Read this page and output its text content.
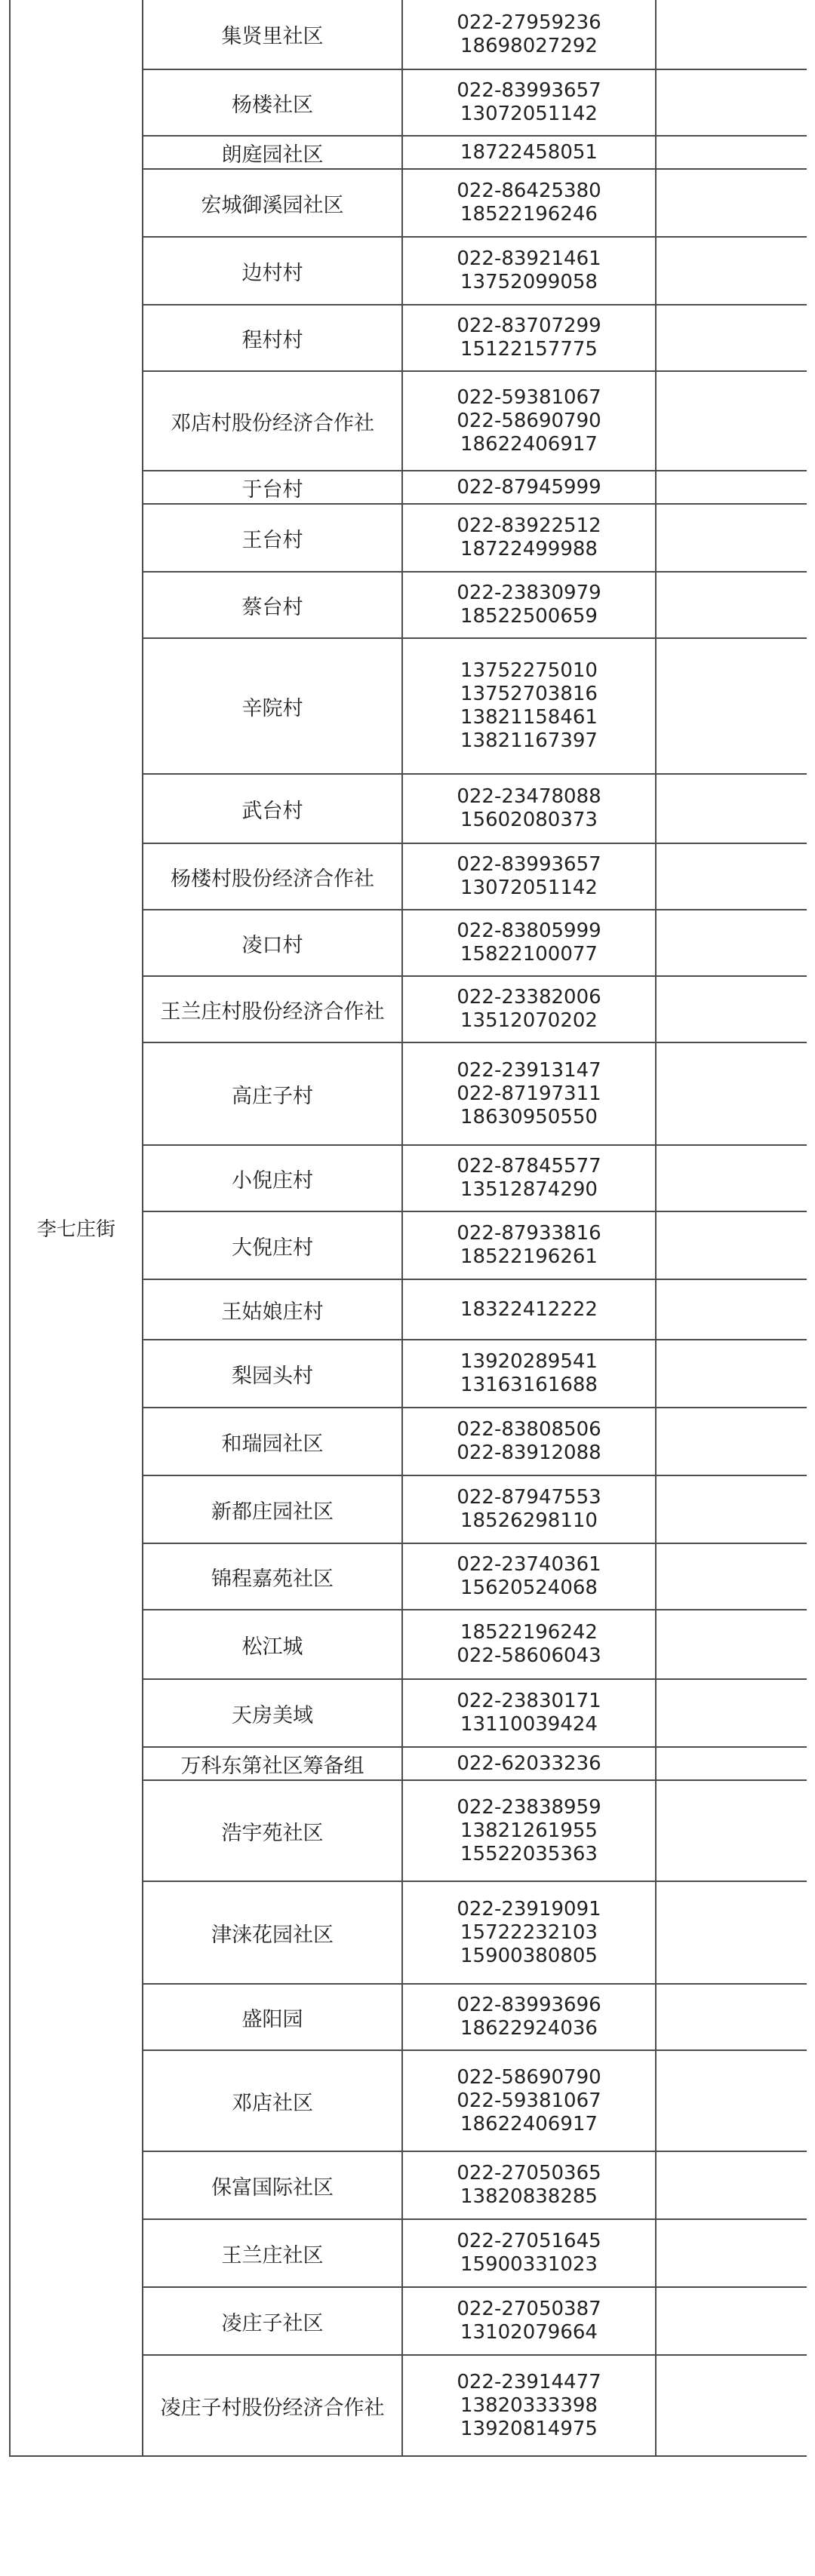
李七庄街	集贤里社区	022-27959236
18698027292	

	杨楼社区	022-83993657
13072051142	

	朗庭园社区	18722458051	

	宏城御溪园社区	022-86425380
18522196246	

	边村村	022-83921461
13752099058	

	程村村	022-83707299
15122157775	

	邓店村股份经济合作社	022-59381067
022-58690790
18622406917	

	于台村	022-87945999	

	王台村	022-83922512
18722499988	

	蔡台村	022-23830979
18522500659	

	辛院村	13752275010
13752703816
13821158461
13821167397	

	武台村	022-23478088
15602080373	

	杨楼村股份经济合作社	022-83993657
13072051142	

	凌口村	022-83805999
15822100077	

	王兰庄村股份经济合作社	022-23382006
13512070202	

	高庄子村	022-23913147
022-87197311
18630950550	

	小倪庄村	022-87845577
13512874290	

	大倪庄村	022-87933816
18522196261	

	王姑娘庄村	18322412222	

	梨园头村	13920289541
13163161688	

	和瑞园社区	022-83808506
022-83912088	

	新都庄园社区	022-87947553
18526298110	

	锦程嘉苑社区	022-23740361
15620524068	

	松江城	18522196242
022-58606043	

	天房美域	022-23830171
13110039424	

	万科东第社区筹备组	022-62033236	

	浩宇苑社区	022-23838959
13821261955
15522035363	

	津涞花园社区	022-23919091
15722232103
15900380805	

	盛阳园	022-83993696
18622924036	

	邓店社区	022-58690790
022-59381067
18622406917	

	保富国际社区	022-27050365
13820838285	

	王兰庄社区	022-27051645
15900331023	

	凌庄子社区	022-27050387
13102079664	

	凌庄子村股份经济合作社	022-23914477
13820333398
13920814975	
